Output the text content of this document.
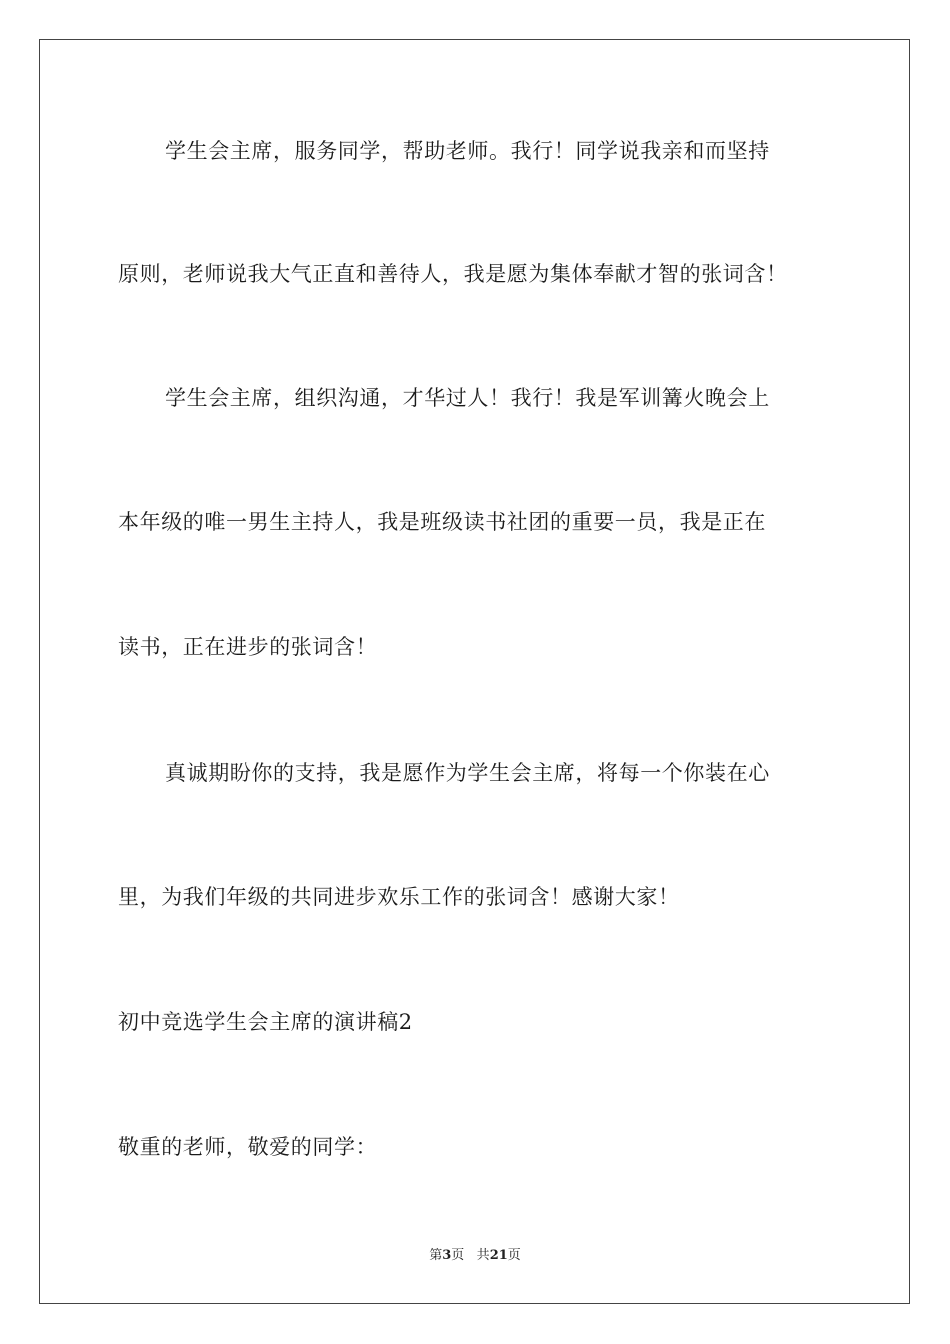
学生会主席，服务同学，帮助老师。我行！同学说我亲和而坚持
原则，老师说我大气正直和善待人，我是愿为集体奉献才智的张词含！
学生会主席，组织沟通，才华过人！我行！我是军训篝火晚会上
本年级的唯一男生主持人，我是班级读书社团的重要一员，我是正在
读书，正在进步的张词含！
真诚期盼你的支持，我是愿作为学生会主席，将每一个你装在心
里，为我们年级的共同进步欢乐工作的张词含！感谢大家！
初中竞选学生会主席的演讲稿2
敬重的老师，敬爱的同学：
第3页 共21页
